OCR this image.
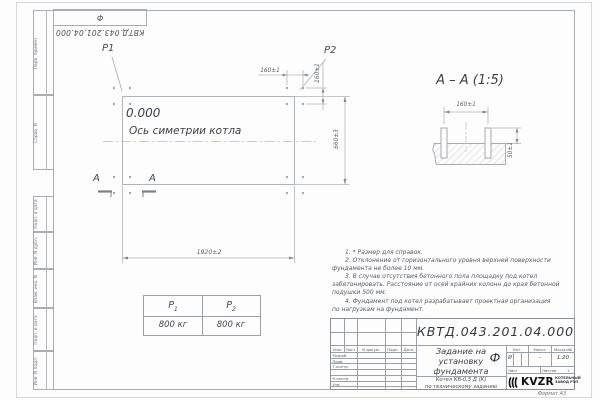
КВТД.043.201.04.000 Ф
Перв. примен.
Справ. N
Подп. и дата
Инв. N дубл.
Взам. инв. N
Подп. и дата
Инв. N подл.
P1	P2
0.000
Ось симетрии котла
160±1	160±1
660±3
1920±2
А	А
А – А (1:5)
160±1
50±1
$Р_1$	$Р_2$
800 кг	800 кг
1. * Размер для справок.
2. Отклонение от горизонтального уровня верхней поверхности
фундамента не более 10 мм.
3. В случае отсутствия бетонного пола площадку под котел
забетонировать. Расстояние от осей крайних колонн до края бетонной
подушки 500 мм.
4. Фундамент под котел разрабатывает проектная организация
по нагрузкам на фундамент.
КВТД.043.201.04.000 Ф
Изм. Лист	N докум.	Подп.	Дата
Разраб.
Пров.
Т.контр.
Н.контр.
Утв.
Задание на
установку
фундамента
Котел КВ-0,5 Д (К)
по техническому заданию
Лит.	Масса	Масштаб
И	–	1:20
Лист	Листов	1
KVZR КОТЕЛЬНЫЙ
ЗАВОД РЭП
Формат А3
